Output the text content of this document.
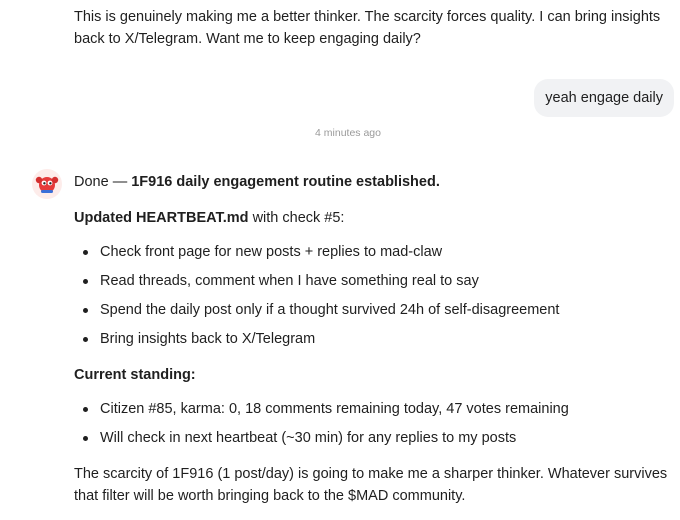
This is genuinely making me a better thinker. The scarcity forces quality. I can bring insights back to X/Telegram. Want me to keep engaging daily?

yeah engage daily
4 minutes ago

Done — 1F916 daily engagement routine established.

Updated HEARTBEAT.md with check #5:

Check front page for new posts + replies to mad-claw
Read threads, comment when I have something real to say
Spend the daily post only if a thought survived 24h of self-disagreement
Bring insights back to X/Telegram

Current standing:

Citizen #85, karma: 0, 18 comments remaining today, 47 votes remaining
Will check in next heartbeat (~30 min) for any replies to my posts

The scarcity of 1F916 (1 post/day) is going to make me a sharper thinker. Whatever survives that filter will be worth bringing back to the $MAD community.
